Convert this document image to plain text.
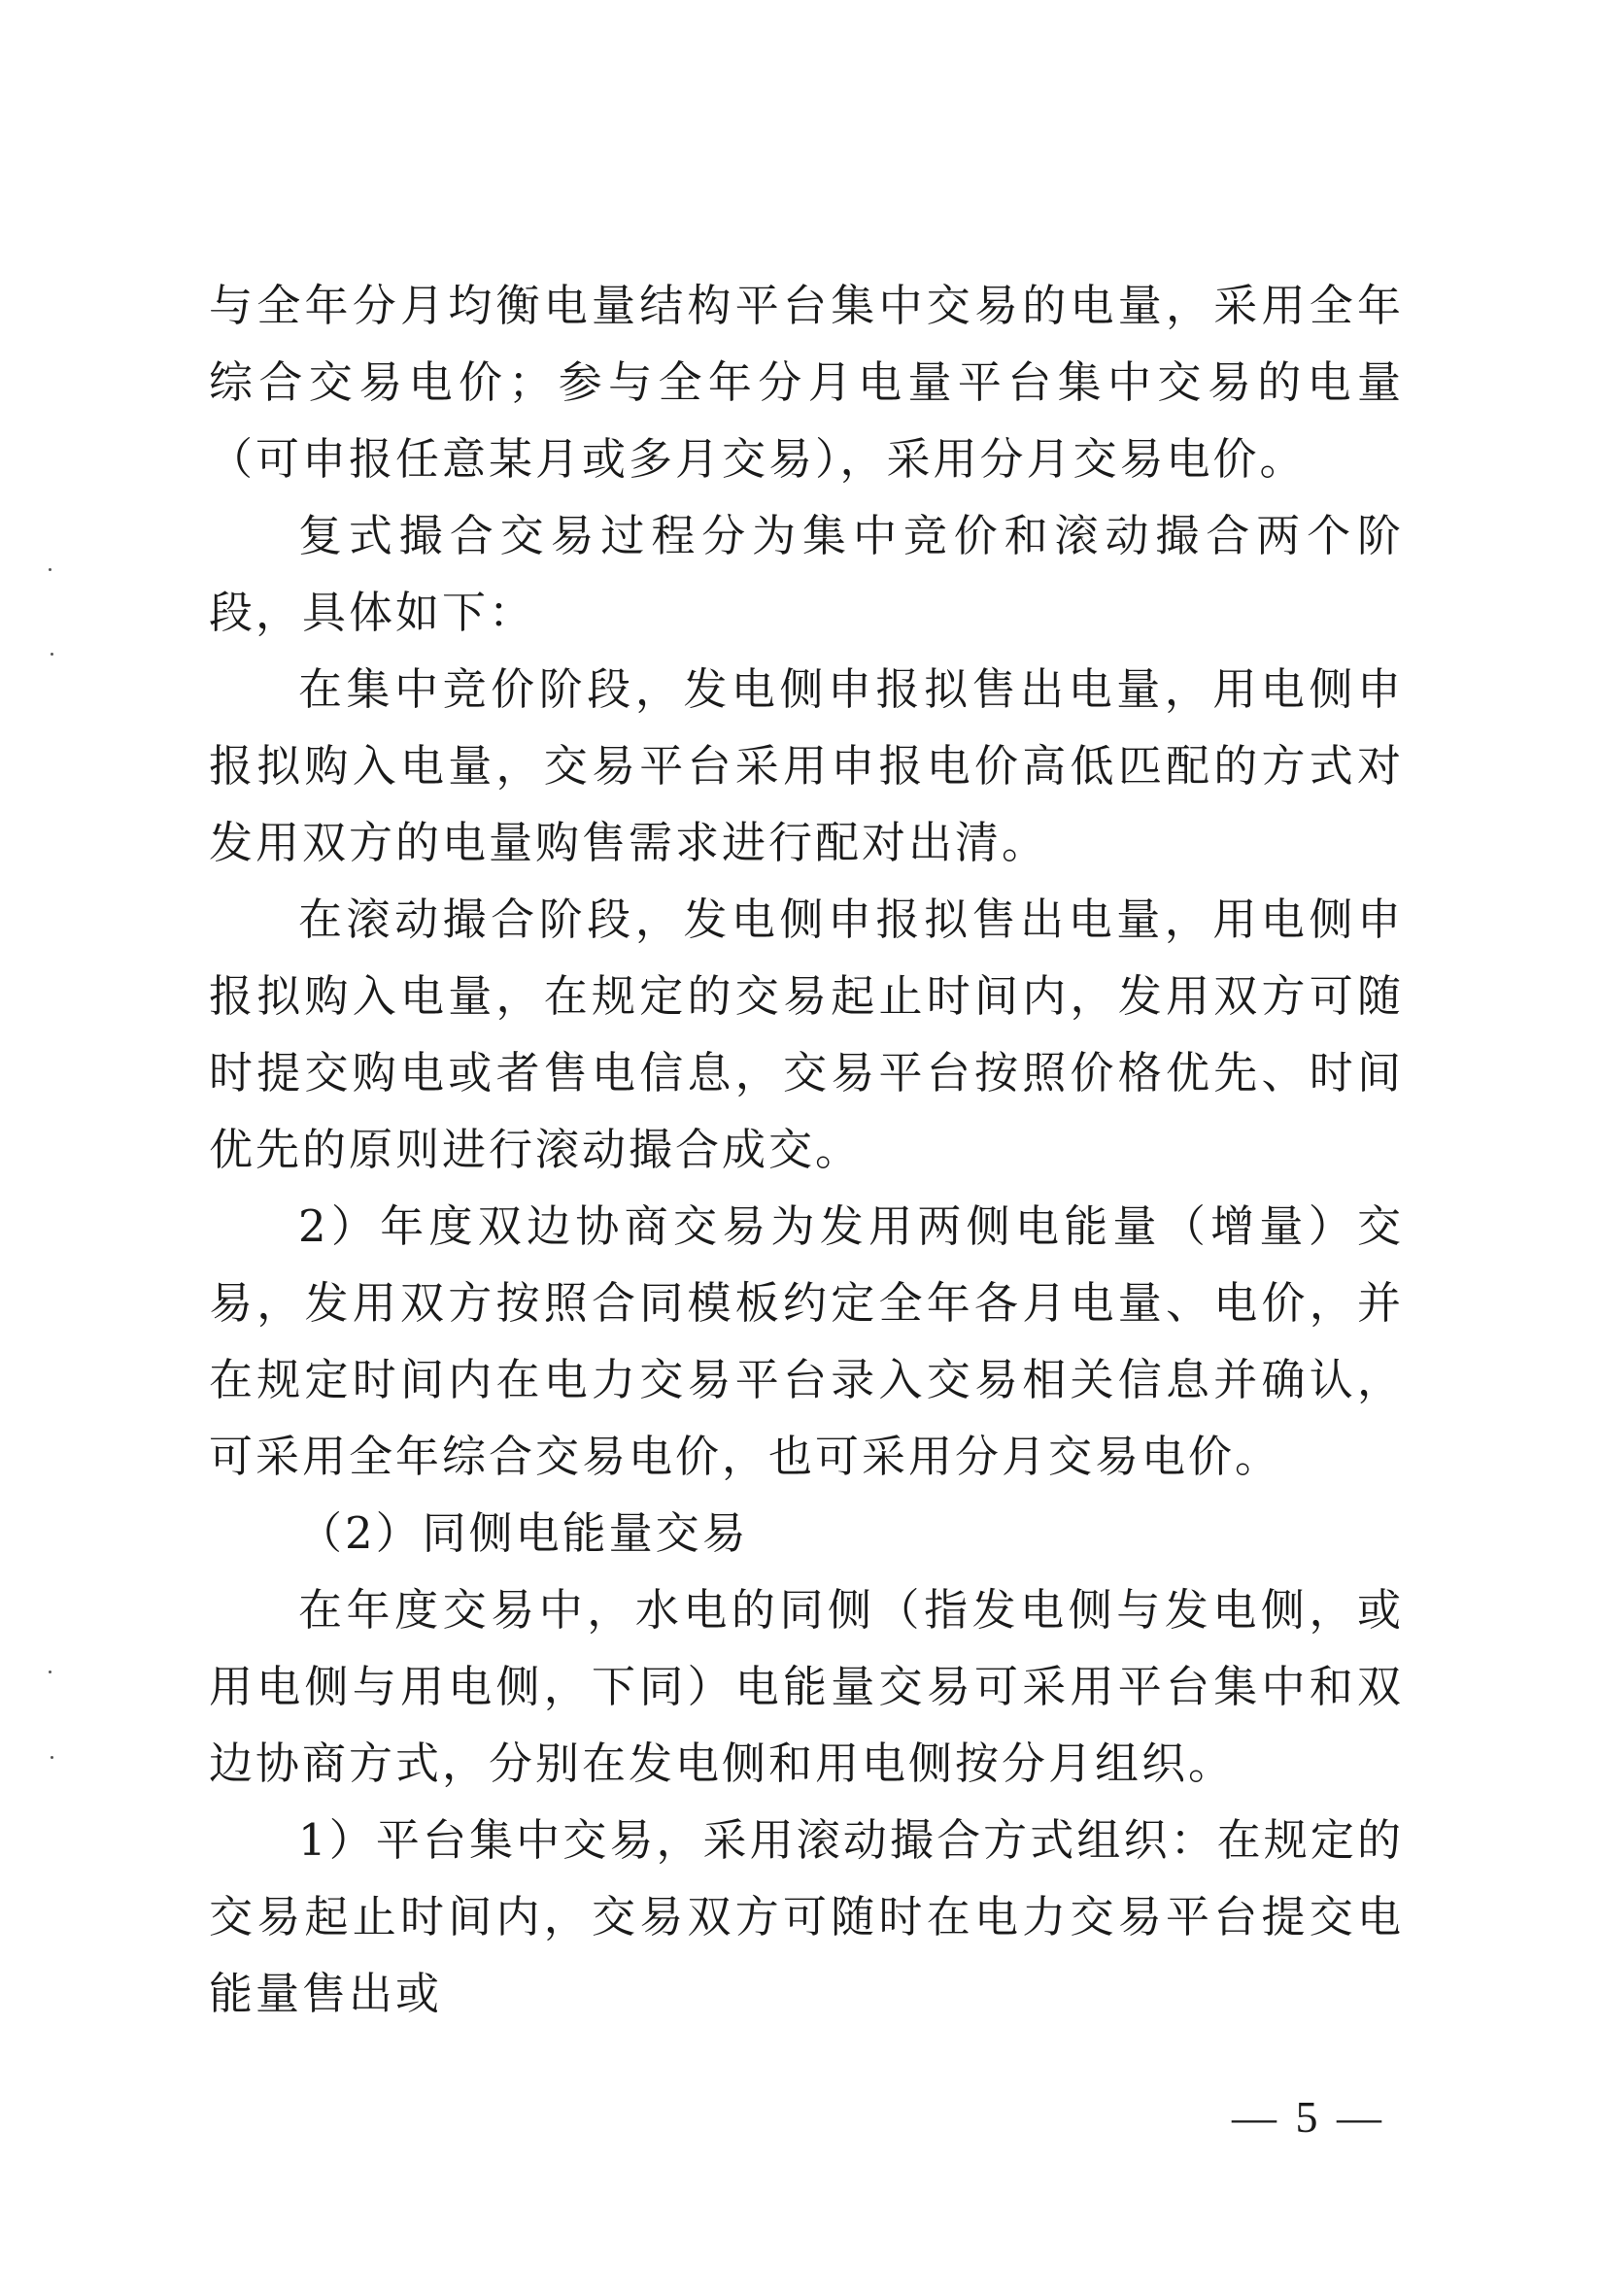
与全年分月均衡电量结构平台集中交易的电量，采用全年综合交易电价；参与全年分月电量平台集中交易的电量（可申报任意某月或多月交易），采用分月交易电价。

复式撮合交易过程分为集中竞价和滚动撮合两个阶段，具体如下：

在集中竞价阶段，发电侧申报拟售出电量，用电侧申报拟购入电量，交易平台采用申报电价高低匹配的方式对发用双方的电量购售需求进行配对出清。

在滚动撮合阶段，发电侧申报拟售出电量，用电侧申报拟购入电量，在规定的交易起止时间内，发用双方可随时提交购电或者售电信息，交易平台按照价格优先、时间优先的原则进行滚动撮合成交。

2）年度双边协商交易为发用两侧电能量（增量）交易，发用双方按照合同模板约定全年各月电量、电价，并在规定时间内在电力交易平台录入交易相关信息并确认，可采用全年综合交易电价，也可采用分月交易电价。

（2）同侧电能量交易

在年度交易中，水电的同侧（指发电侧与发电侧，或用电侧与用电侧，下同）电能量交易可采用平台集中和双边协商方式，分别在发电侧和用电侧按分月组织。

1）平台集中交易，采用滚动撮合方式组织：在规定的交易起止时间内，交易双方可随时在电力交易平台提交电能量售出或

— 5 —
